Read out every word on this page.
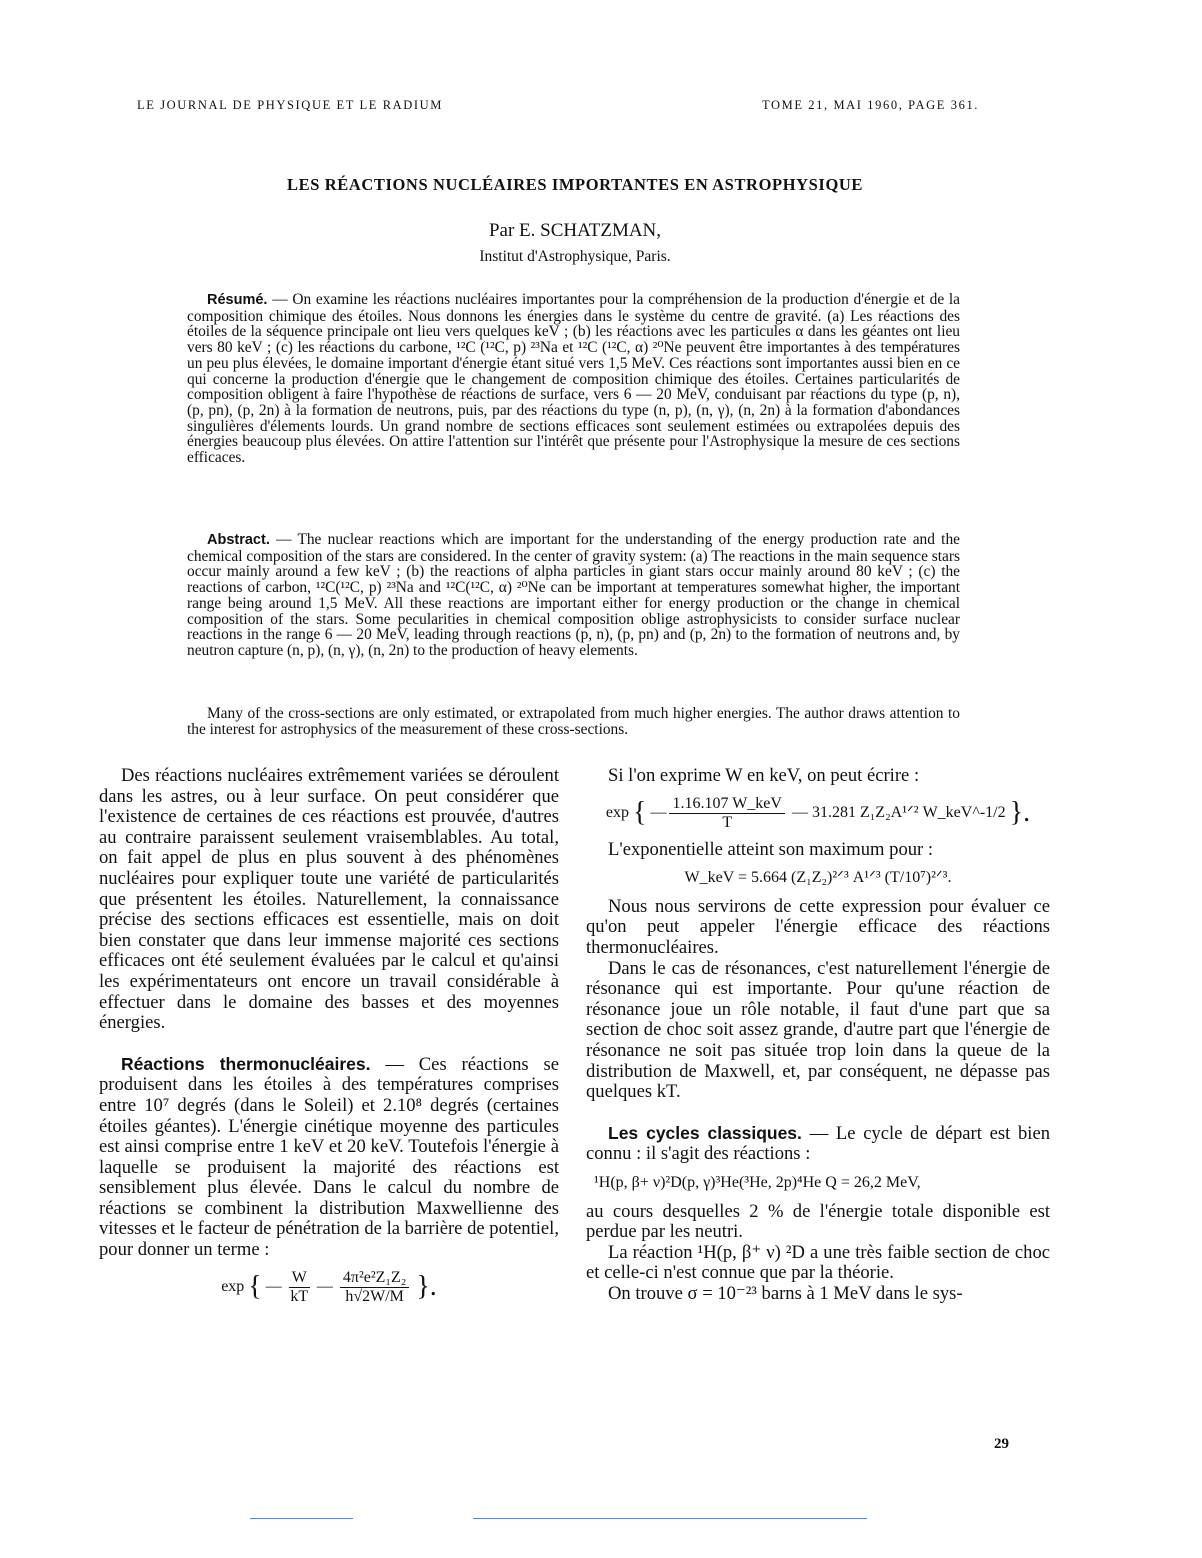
LE JOURNAL DE PHYSIQUE ET LE RADIUM	TOME 21, MAI 1960, PAGE 361.
LES RÉACTIONS NUCLÉAIRES IMPORTANTES EN ASTROPHYSIQUE
Par E. SCHATZMAN,
Institut d'Astrophysique, Paris.

Résumé. — On examine les réactions nucléaires importantes pour la compréhension de la production d'énergie et de la composition chimique des étoiles. Nous donnons les énergies dans le système du centre de gravité. (a) Les réactions des étoiles de la séquence principale ont lieu vers quelques keV ; (b) les réactions avec les particules α dans les géantes ont lieu vers 80 keV ; (c) les réactions du carbone, ¹²C (¹²C, p) ²³Na et ¹²C (¹²C, α) ²⁰Ne peuvent être importantes à des températures un peu plus élevées, le domaine important d'énergie étant situé vers 1,5 MeV. Ces réactions sont importantes aussi bien en ce qui concerne la production d'énergie que le changement de composition chimique des étoiles. Certaines particularités de composition obligent à faire l'hypothèse de réactions de surface, vers 6 — 20 MeV, conduisant par réactions du type (p, n), (p, pn), (p, 2n) à la formation de neutrons, puis, par des réactions du type (n, p), (n, γ), (n, 2n) à la formation d'abondances singulières d'élements lourds. Un grand nombre de sections efficaces sont seulement estimées ou extrapolées depuis des énergies beaucoup plus élevées. On attire l'attention sur l'intérêt que présente pour l'Astrophysique la mesure de ces sections efficaces.

Abstract. — The nuclear reactions which are important for the understanding of the energy production rate and the chemical composition of the stars are considered. In the center of gravity system: (a) The reactions in the main sequence stars occur mainly around a few keV ; (b) the reactions of alpha particles in giant stars occur mainly around 80 keV ; (c) the reactions of carbon, ¹²C(¹²C, p) ²³Na and ¹²C(¹²C, α) ²⁰Ne can be important at temperatures somewhat higher, the important range being around 1,5 MeV. All these reactions are important either for energy production or the change in chemical composition of the stars. Some pecularities in chemical composition oblige astrophysicists to consider surface nuclear reactions in the range 6 — 20 MeV, leading through reactions (p, n), (p, pn) and (p, 2n) to the formation of neutrons and, by neutron capture (n, p), (n, γ), (n, 2n) to the production of heavy elements.

Many of the cross-sections are only estimated, or extrapolated from much higher energies. The author draws attention to the interest for astrophysics of the measurement of these cross-sections.

Des réactions nucléaires extrêmement variées se déroulent dans les astres, ou à leur surface. On peut considérer que l'existence de certaines de ces réactions est prouvée, d'autres au contraire paraissent seulement vraisemblables. Au total, on fait appel de plus en plus souvent à des phénomènes nucléaires pour expliquer toute une variété de particularités que présentent les étoiles. Naturellement, la connaissance précise des sections efficaces est essentielle, mais on doit bien constater que dans leur immense majorité ces sections efficaces ont été seulement évaluées par le calcul et qu'ainsi les expérimentateurs ont encore un travail considérable à effectuer dans le domaine des basses et des moyennes énergies.

Réactions thermonucléaires. — Ces réactions se produisent dans les étoiles à des températures comprises entre 10⁷ degrés (dans le Soleil) et 2.10⁸ degrés (certaines étoiles géantes). L'énergie cinétique moyenne des particules est ainsi comprise entre 1 keV et 20 keV. Toutefois l'énergie à laquelle se produisent la majorité des réactions est sensiblement plus élevée. Dans le calcul du nombre de réactions se combinent la distribution Maxwellienne des vitesses et le facteur de pénétration de la barrière de potentiel, pour donner un terme :

exp { — $\frac{W}{kT}$ — $\frac{\text{4π²e²Z₁Z₂}}{h√2W/M}$ }.

Si l'on exprime W en keV, on peut écrire :

exp { — $\frac{\text{1.16.107 W\_keV}}{T}$ — 31.281 Z₁Z₂A¹ᐟ² W_keV^-1/2 }.

L'exponentielle atteint son maximum pour :

W_keV = 5.664 (Z₁Z₂)²ᐟ³ A¹ᐟ³ (T/10⁷)²ᐟ³.

Nous nous servirons de cette expression pour évaluer ce qu'on peut appeler l'énergie efficace des réactions thermonucléaires.

Dans le cas de résonances, c'est naturellement l'énergie de résonance qui est importante. Pour qu'une réaction de résonance joue un rôle notable, il faut d'une part que sa section de choc soit assez grande, d'autre part que l'énergie de résonance ne soit pas située trop loin dans la queue de la distribution de Maxwell, et, par conséquent, ne dépasse pas quelques kT.

Les cycles classiques. — Le cycle de départ est bien connu : il s'agit des réactions :

¹H(p, β+ ν)²D(p, γ)³He(³He, 2p)⁴He Q = 26,2 MeV,

au cours desquelles 2 % de l'énergie totale disponible est perdue par les neutri.

La réaction ¹H(p, β⁺ ν) ²D a une très faible section de choc et celle-ci n'est connue que par la théorie.

On trouve σ = 10⁻²³ barns à 1 MeV dans le sys-

29
